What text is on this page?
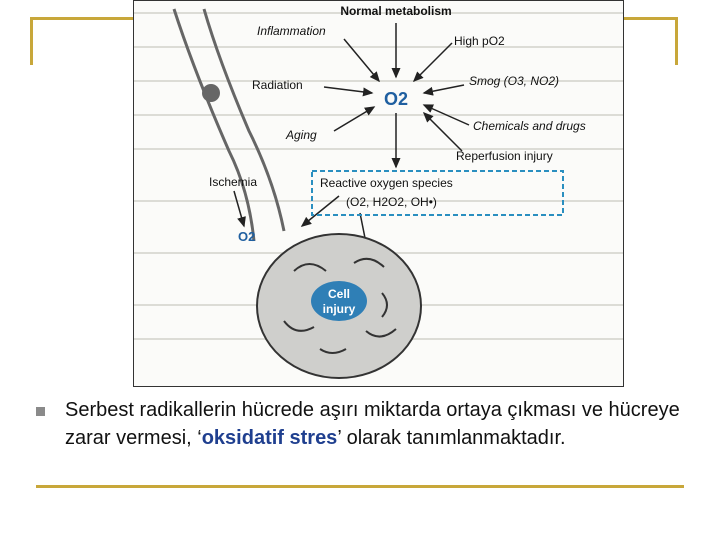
Normal metabolism
Inflammation
High pO2
Radiation
O2
Smog (O3, NO2)
Aging
Chemicals and drugs
Reperfusion injury
Ischemia	Reactive oxygen species
(O2, H2O2, OH•)
O2
Cell
injury
Serbest radikallerin hücrede aşırı miktarda ortaya çıkması ve hücreye zarar vermesi, ‘oksidatif stres’ olarak tanımlanmaktadır.
